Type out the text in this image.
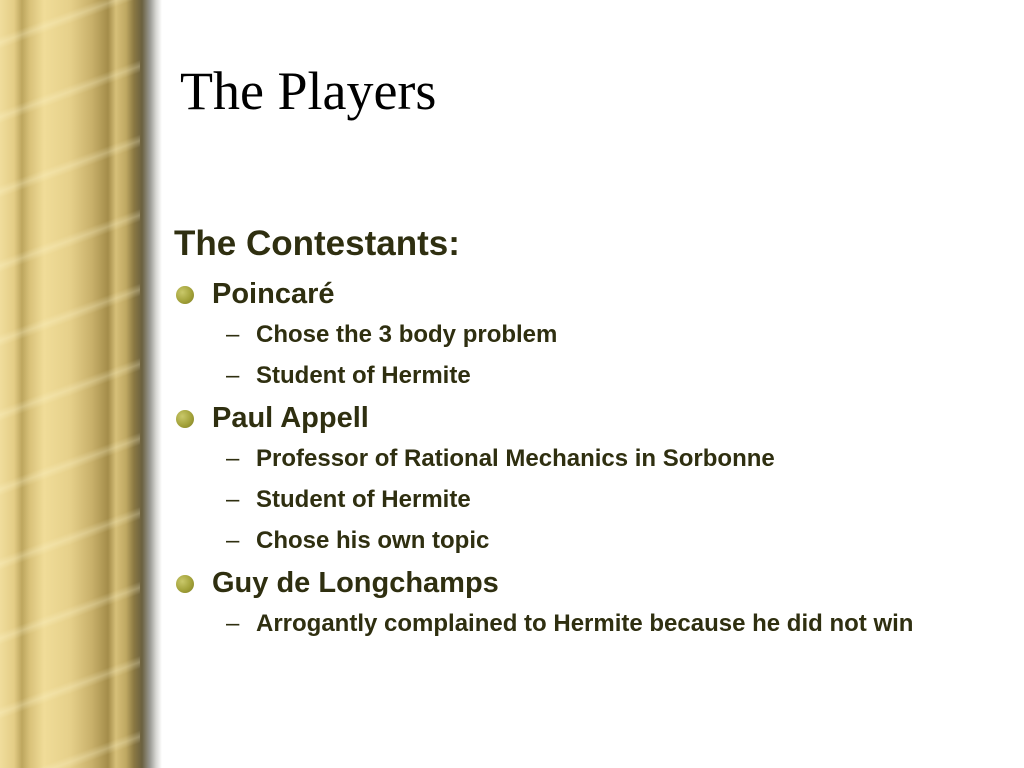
The Players
The Contestants:
Poincaré
– Chose the 3 body problem
– Student of Hermite
Paul Appell
– Professor of Rational Mechanics in Sorbonne
– Student of Hermite
– Chose his own topic
Guy de Longchamps
– Arrogantly complained to Hermite because he did not win
